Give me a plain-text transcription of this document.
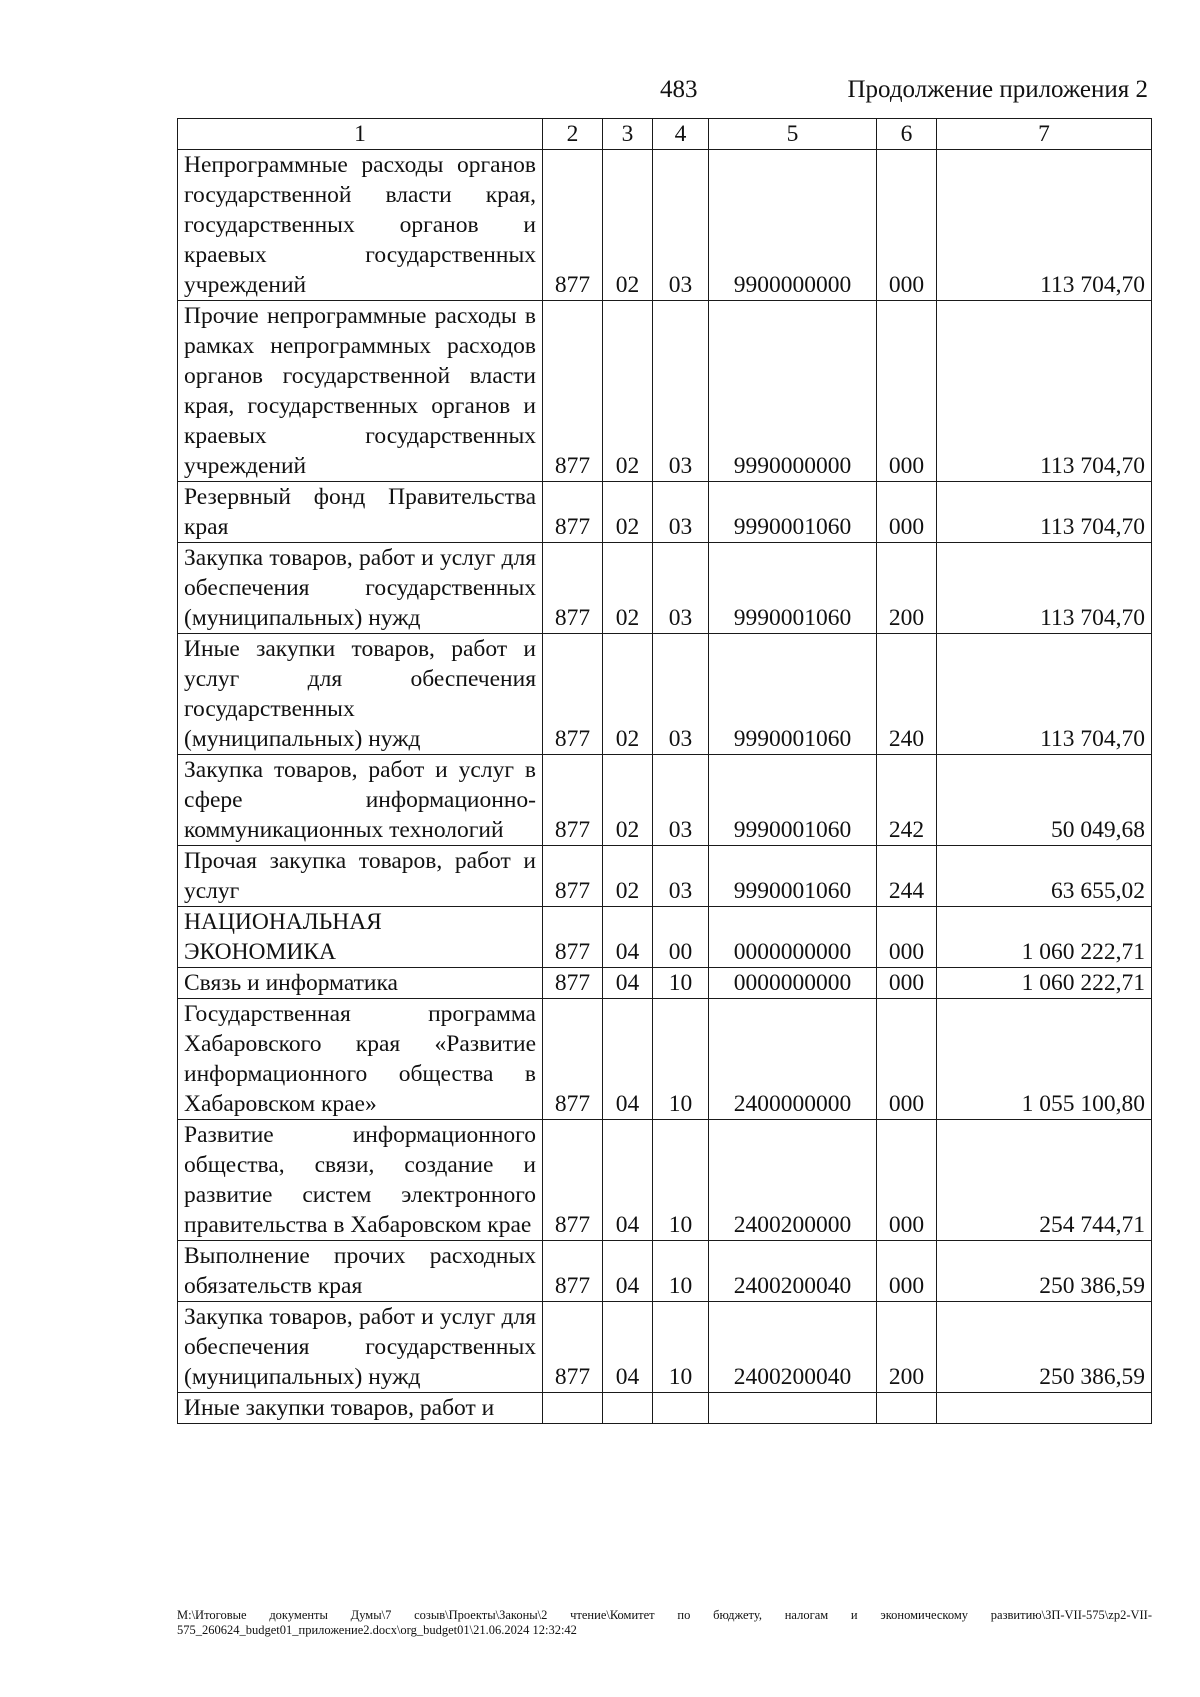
483	Продолжение приложения 2
1	2	3	4	5	6	7
Непрограммные расходы органов государственной власти края, государственных органов и краевых государственных учреждений	877	02	03	9900000000	000	113 704,70
Прочие непрограммные расходы в рамках непрограммных расходов органов государственной власти края, государственных органов и краевых государственных учреждений	877	02	03	9990000000	000	113 704,70
Резервный фонд Правительства края	877	02	03	9990001060	000	113 704,70
Закупка товаров, работ и услуг для обеспечения государственных (муниципальных) нужд	877	02	03	9990001060	200	113 704,70
Иные закупки товаров, работ и услуг для обеспечения государственных (муниципальных) нужд	877	02	03	9990001060	240	113 704,70
Закупка товаров, работ и услуг в сфере информационно-коммуникационных технологий	877	02	03	9990001060	242	50 049,68
Прочая закупка товаров, работ и услуг	877	02	03	9990001060	244	63 655,02
НАЦИОНАЛЬНАЯ ЭКОНОМИКА	877	04	00	0000000000	000	1 060 222,71
Связь и информатика	877	04	10	0000000000	000	1 060 222,71
Государственная программа Хабаровского края «Развитие информационного общества в Хабаровском крае»	877	04	10	2400000000	000	1 055 100,80
Развитие информационного общества, связи, создание и развитие систем электронного правительства в Хабаровском крае	877	04	10	2400200000	000	254 744,71
Выполнение прочих расходных обязательств края	877	04	10	2400200040	000	250 386,59
Закупка товаров, работ и услуг для обеспечения государственных (муниципальных) нужд	877	04	10	2400200040	200	250 386,59
Иные закупки товаров, работ и						
M:\Итоговые документы Думы\7 созыв\Проекты\Законы\2 чтение\Комитет по бюджету, налогам и экономическому развитию\ЗП-VII-575\zp2-VII-575_260624_budget01_приложение2.docx\org_budget01\21.06.2024 12:32:42
